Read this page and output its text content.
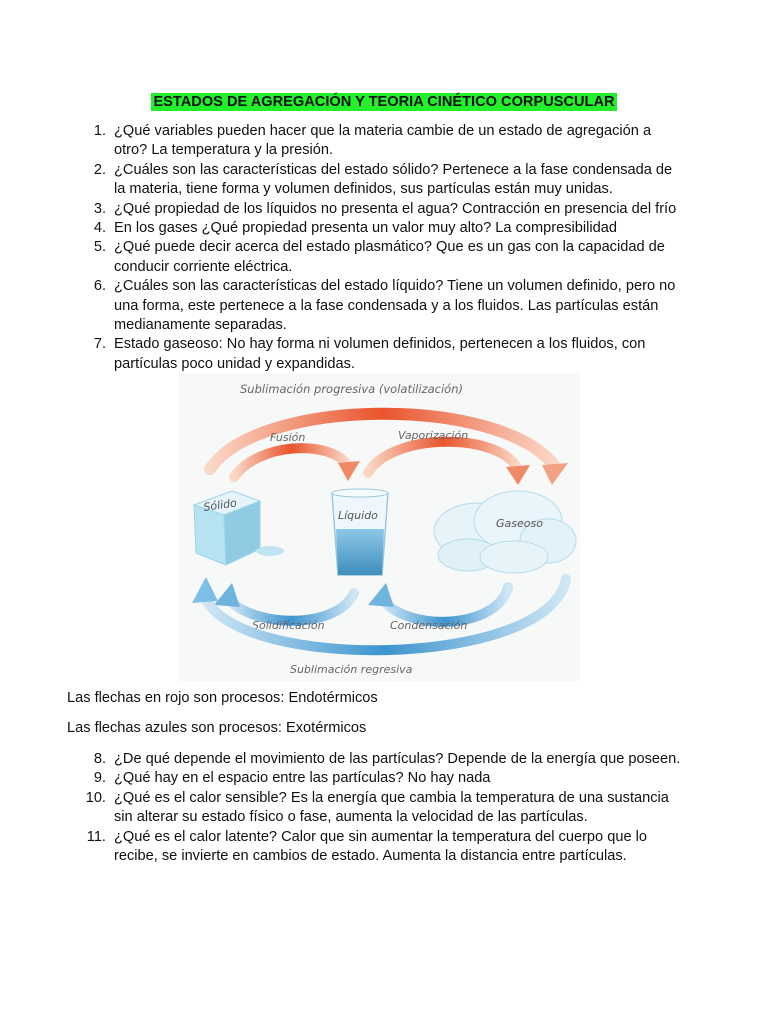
ESTADOS DE AGREGACIÓN Y TEORIA CINÉTICO CORPUSCULAR
1. ¿Qué variables pueden hacer que la materia cambie de un estado de agregación a
otro? La temperatura y la presión.
2. ¿Cuáles son las características del estado sólido? Pertenece a la fase condensada de
la materia, tiene forma y volumen definidos, sus partículas están muy unidas.
3. ¿Qué propiedad de los líquidos no presenta el agua? Contracción en presencia del frío
4. En los gases ¿Qué propiedad presenta un valor muy alto? La compresibilidad
5. ¿Qué puede decir acerca del estado plasmático? Que es un gas con la capacidad de
conducir corriente eléctrica.
6. ¿Cuáles son las características del estado líquido? Tiene un volumen definido, pero no
una forma, este pertenece a la fase condensada y a los fluidos. Las partículas están
medianamente separadas.
7. Estado gaseoso: No hay forma ni volumen definidos, pertenecen a los fluidos, con
partículas poco unidad y expandidas.
Sublimación progresiva (volatilización)
Fusión	Vaporización
Sólido
Líquido
Gaseoso
Solidificación	Condensación
Sublimación regresiva
Las flechas en rojo son procesos: Endotérmicos
Las flechas azules son procesos: Exotérmicos
8. ¿De qué depende el movimiento de las partículas? Depende de la energía que poseen.
9. ¿Qué hay en el espacio entre las partículas? No hay nada
10. ¿Qué es el calor sensible? Es la energía que cambia la temperatura de una sustancia
sin alterar su estado físico o fase, aumenta la velocidad de las partículas.
11. ¿Qué es el calor latente? Calor que sin aumentar la temperatura del cuerpo que lo
recibe, se invierte en cambios de estado. Aumenta la distancia entre partículas.
